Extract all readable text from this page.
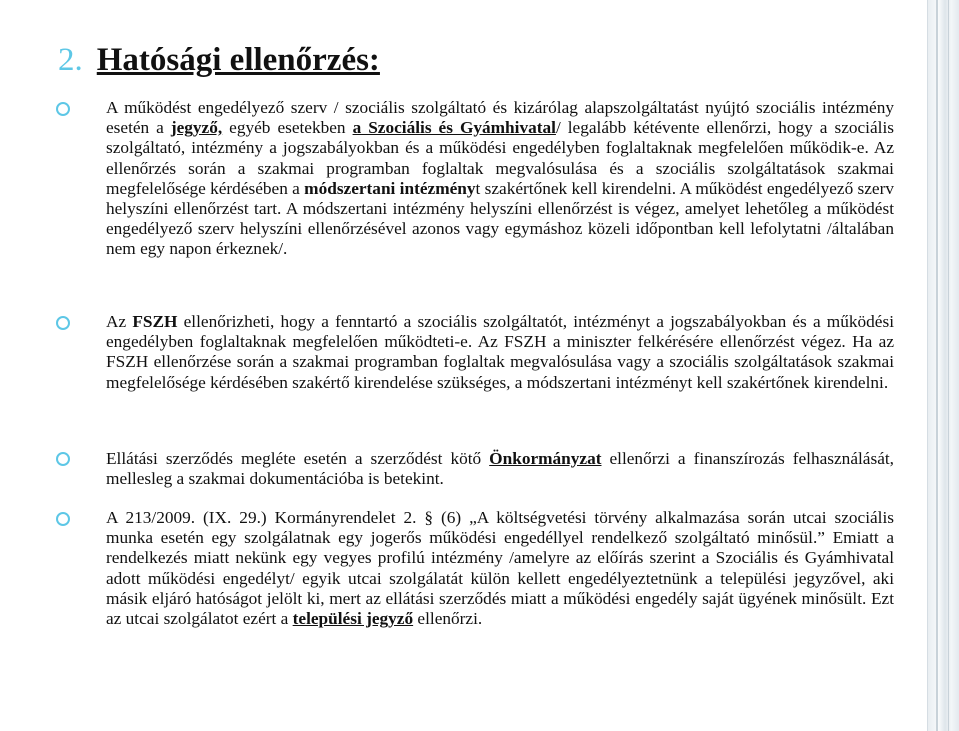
2. Hatósági ellenőrzés:
A működést engedélyező szerv / szociális szolgáltató és kizárólag alapszolgáltatást nyújtó szociális intézmény esetén a jegyző, egyéb esetekben a Szociális és Gyámhivatal/ legalább kétévente ellenőrzi, hogy a szociális szolgáltató, intézmény a jogszabályokban és a működési engedélyben foglaltaknak megfelelően működik-e. Az ellenőrzés során a szakmai programban foglaltak megvalósulása és a szociális szolgáltatások szakmai megfelelősége kérdésében a módszertani intézményt szakértőnek kell kirendelni. A működést engedélyező szerv helyszíni ellenőrzést tart. A módszertani intézmény helyszíni ellenőrzést is végez, amelyet lehetőleg a működést engedélyező szerv helyszíni ellenőrzésével azonos vagy egymáshoz közeli időpontban kell lefolytatni /általában nem egy napon érkeznek/.
Az FSZH ellenőrizheti, hogy a fenntartó a szociális szolgáltatót, intézményt a jogszabályokban és a működési engedélyben foglaltaknak megfelelően működteti-e. Az FSZH a miniszter felkérésére ellenőrzést végez. Ha az FSZH ellenőrzése során a szakmai programban foglaltak megvalósulása vagy a szociális szolgáltatások szakmai megfelelősége kérdésében szakértő kirendelése szükséges, a módszertani intézményt kell szakértőnek kirendelni.
Ellátási szerződés megléte esetén a szerződést kötő Önkormányzat ellenőrzi a finanszírozás felhasználását, mellesleg a szakmai dokumentációba is betekint.
A 213/2009. (IX. 29.) Kormányrendelet 2. § (6) „A költségvetési törvény alkalmazása során utcai szociális munka esetén egy szolgálatnak egy jogerős működési engedéllyel rendelkező szolgáltató minősül.” Emiatt a rendelkezés miatt nekünk egy vegyes profilú intézmény /amelyre az előírás szerint a Szociális és Gyámhivatal adott működési engedélyt/ egyik utcai szolgálatát külön kellett engedélyeztetnünk a települési jegyzővel, aki másik eljáró hatóságot jelölt ki, mert az ellátási szerződés miatt a működési engedély saját ügyének minősült. Ezt az utcai szolgálatot ezért a települési jegyző ellenőrzi.
